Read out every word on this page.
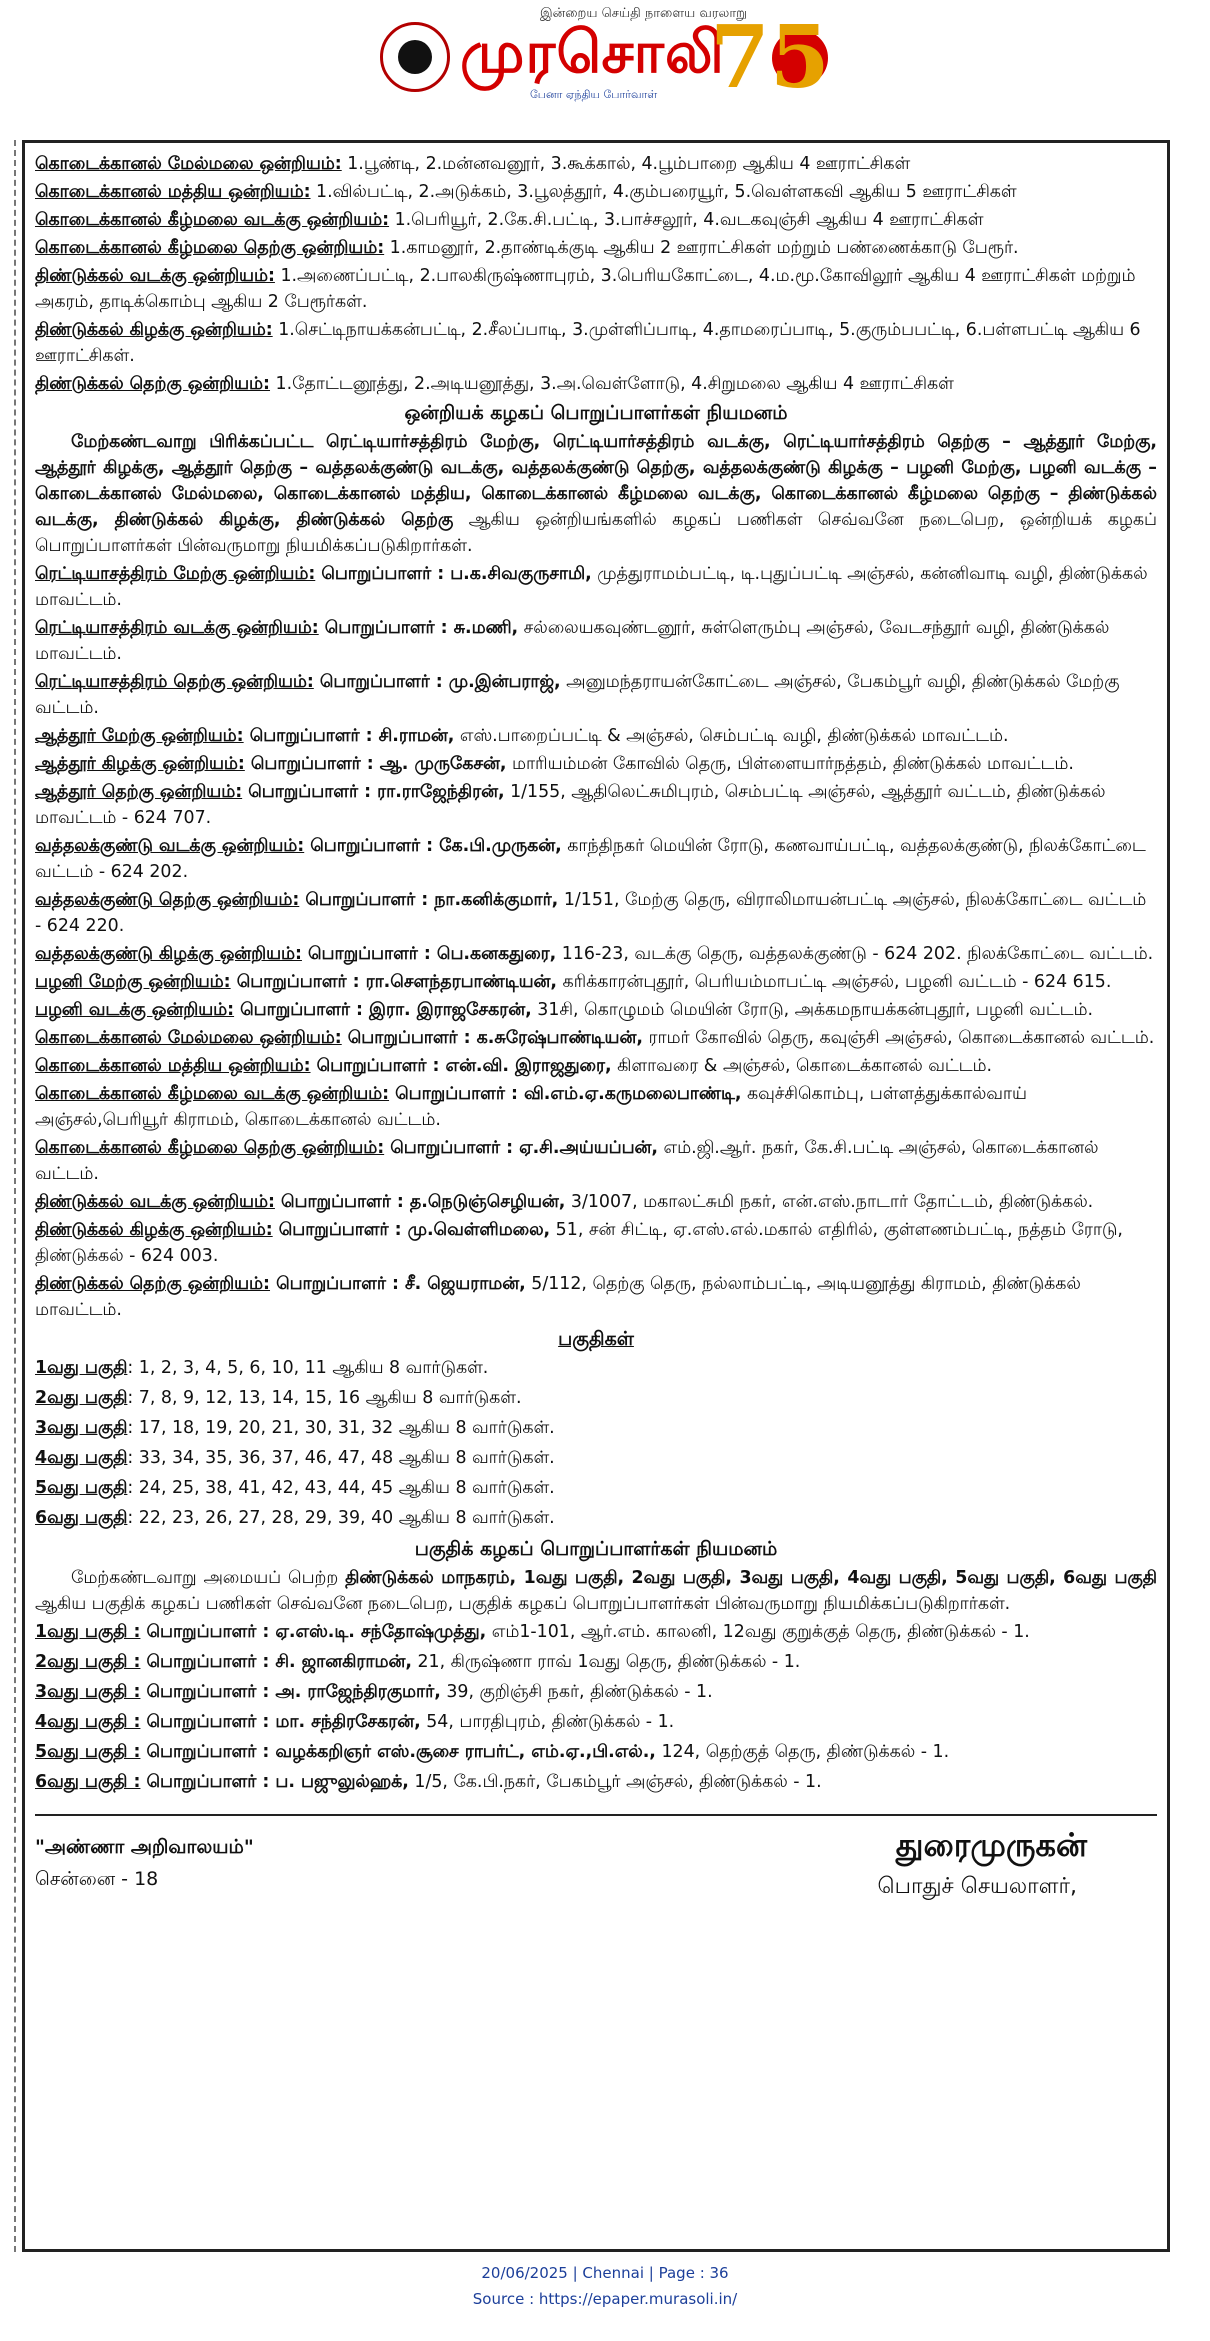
இன்றைய செய்தி நாளைய வரலாறு
முரசொலி
75
பேனா ஏந்திய போர்வாள்

கொடைக்கானல் மேல்மலை ஒன்றியம்: 1.பூண்டி, 2.மன்னவனூர், 3.கூக்கால், 4.பூம்பாறை ஆகிய 4 ஊராட்சிகள்

கொடைக்கானல் மத்திய ஒன்றியம்: 1.வில்பட்டி, 2.அடுக்கம், 3.பூலத்தூர், 4.கும்பரையூர், 5.வெள்ளகவி ஆகிய 5 ஊராட்சிகள்

கொடைக்கானல் கீழ்மலை வடக்கு ஒன்றியம்: 1.பெரியூர், 2.கே.சி.பட்டி, 3.பாச்சலூர், 4.வடகவுஞ்சி ஆகிய 4 ஊராட்சிகள்

கொடைக்கானல் கீழ்மலை தெற்கு ஒன்றியம்: 1.காமனூர், 2.தாண்டிக்குடி ஆகிய 2 ஊராட்சிகள் மற்றும் பண்ணைக்காடு பேரூர்.

திண்டுக்கல் வடக்கு ஒன்றியம்: 1.அணைப்பட்டி, 2.பாலகிருஷ்ணாபுரம், 3.பெரியகோட்டை, 4.ம.மூ.கோவிலூர் ஆகிய 4 ஊராட்சிகள் மற்றும் அகரம், தாடிக்கொம்பு ஆகிய 2 பேரூர்கள்.

திண்டுக்கல் கிழக்கு ஒன்றியம்: 1.செட்டிநாயக்கன்பட்டி, 2.சீலப்பாடி, 3.முள்ளிப்பாடி, 4.தாமரைப்பாடி, 5.குரும்பபட்டி, 6.பள்ளபட்டி ஆகிய 6 ஊராட்சிகள்.

திண்டுக்கல் தெற்கு ஒன்றியம்: 1.தோட்டனூத்து, 2.அடியனூத்து, 3.அ.வெள்ளோடு, 4.சிறுமலை ஆகிய 4 ஊராட்சிகள்

ஒன்றியக் கழகப் பொறுப்பாளர்கள் நியமனம்

மேற்கண்டவாறு பிரிக்கப்பட்ட ரெட்டியார்சத்திரம் மேற்கு, ரெட்டியார்சத்திரம் வடக்கு, ரெட்டியார்சத்திரம் தெற்கு – ஆத்தூர் மேற்கு, ஆத்தூர் கிழக்கு, ஆத்தூர் தெற்கு – வத்தலக்குண்டு வடக்கு, வத்தலக்குண்டு தெற்கு, வத்தலக்குண்டு கிழக்கு – பழனி மேற்கு, பழனி வடக்கு – கொடைக்கானல் மேல்மலை, கொடைக்கானல் மத்திய, கொடைக்கானல் கீழ்மலை வடக்கு, கொடைக்கானல் கீழ்மலை தெற்கு – திண்டுக்கல் வடக்கு, திண்டுக்கல் கிழக்கு, திண்டுக்கல் தெற்கு ஆகிய ஒன்றியங்களில் கழகப் பணிகள் செவ்வனே நடைபெற, ஒன்றியக் கழகப் பொறுப்பாளர்கள் பின்வருமாறு நியமிக்கப்படுகிறார்கள்.

ரெட்டியாசத்திரம் மேற்கு ஒன்றியம்: பொறுப்பாளர் : ப.க.சிவகுருசாமி, முத்துராமம்பட்டி, டி.புதுப்பட்டி அஞ்சல், கன்னிவாடி வழி, திண்டுக்கல் மாவட்டம்.

ரெட்டியாசத்திரம் வடக்கு ஒன்றியம்: பொறுப்பாளர் : சு.மணி, சல்லையகவுண்டனூர், சுள்ளெரும்பு அஞ்சல், வேடசந்தூர் வழி, திண்டுக்கல் மாவட்டம்.

ரெட்டியாசத்திரம் தெற்கு ஒன்றியம்: பொறுப்பாளர் : மு.இன்பராஜ், அனுமந்தராயன்கோட்டை அஞ்சல், பேகம்பூர் வழி, திண்டுக்கல் மேற்கு வட்டம்.

ஆத்தூர் மேற்கு ஒன்றியம்: பொறுப்பாளர் : சி.ராமன், எஸ்.பாறைப்பட்டி & அஞ்சல், செம்பட்டி வழி, திண்டுக்கல் மாவட்டம்.

ஆத்தூர் கிழக்கு ஒன்றியம்: பொறுப்பாளர் : ஆ. முருகேசன், மாரியம்மன் கோவில் தெரு, பிள்ளையார்நத்தம், திண்டுக்கல் மாவட்டம்.

ஆத்தூர் தெற்கு ஒன்றியம்: பொறுப்பாளர் : ரா.ராஜேந்திரன், 1/155, ஆதிலெட்சுமிபுரம், செம்பட்டி அஞ்சல், ஆத்தூர் வட்டம், திண்டுக்கல் மாவட்டம் - 624 707.

வத்தலக்குண்டு வடக்கு ஒன்றியம்: பொறுப்பாளர் : கே.பி.முருகன், காந்திநகர் மெயின் ரோடு, கணவாய்பட்டி, வத்தலக்குண்டு, நிலக்கோட்டை வட்டம் - 624 202.

வத்தலக்குண்டு தெற்கு ஒன்றியம்: பொறுப்பாளர் : நா.கனிக்குமார், 1/151, மேற்கு தெரு, விராலிமாயன்பட்டி அஞ்சல், நிலக்கோட்டை வட்டம் - 624 220.

வத்தலக்குண்டு கிழக்கு ஒன்றியம்: பொறுப்பாளர் : பெ.கனகதுரை, 116-23, வடக்கு தெரு, வத்தலக்குண்டு - 624 202. நிலக்கோட்டை வட்டம்.

பழனி மேற்கு ஒன்றியம்: பொறுப்பாளர் : ரா.சௌந்தரபாண்டியன், கரிக்காரன்புதூர், பெரியம்மாபட்டி அஞ்சல், பழனி வட்டம் - 624 615.

பழனி வடக்கு ஒன்றியம்: பொறுப்பாளர் : இரா. இராஜசேகரன், 31சி, கொழுமம் மெயின் ரோடு, அக்கமநாயக்கன்புதூர், பழனி வட்டம்.

கொடைக்கானல் மேல்மலை ஒன்றியம்: பொறுப்பாளர் : க.சுரேஷ்பாண்டியன், ராமர் கோவில் தெரு, கவுஞ்சி அஞ்சல், கொடைக்கானல் வட்டம்.

கொடைக்கானல் மத்திய ஒன்றியம்: பொறுப்பாளர் : என்.வி. இராஜதுரை, கிளாவரை & அஞ்சல், கொடைக்கானல் வட்டம்.

கொடைக்கானல் கீழ்மலை வடக்கு ஒன்றியம்: பொறுப்பாளர் : வி.எம்.ஏ.கருமலைபாண்டி, கவுச்சிகொம்பு, பள்ளத்துக்கால்வாய் அஞ்சல்,பெரியூர் கிராமம், கொடைக்கானல் வட்டம்.

கொடைக்கானல் கீழ்மலை தெற்கு ஒன்றியம்: பொறுப்பாளர் : ஏ.சி.அய்யப்பன், எம்.ஜி.ஆர். நகர், கே.சி.பட்டி அஞ்சல், கொடைக்கானல் வட்டம்.

திண்டுக்கல் வடக்கு ஒன்றியம்: பொறுப்பாளர் : த.நெடுஞ்செழியன், 3/1007, மகாலட்சுமி நகர், என்.எஸ்.நாடார் தோட்டம், திண்டுக்கல்.

திண்டுக்கல் கிழக்கு ஒன்றியம்: பொறுப்பாளர் : மு.வெள்ளிமலை, 51, சன் சிட்டி, ஏ.எஸ்.எல்.மகால் எதிரில், குள்ளணம்பட்டி, நத்தம் ரோடு, திண்டுக்கல் - 624 003.

திண்டுக்கல் தெற்கு ஒன்றியம்: பொறுப்பாளர் : சீ. ஜெயராமன், 5/112, தெற்கு தெரு, நல்லாம்பட்டி, அடியனூத்து கிராமம், திண்டுக்கல் மாவட்டம்.

பகுதிகள்

1வது பகுதி: 1, 2, 3, 4, 5, 6, 10, 11 ஆகிய 8 வார்டுகள்.

2வது பகுதி: 7, 8, 9, 12, 13, 14, 15, 16 ஆகிய 8 வார்டுகள்.

3வது பகுதி: 17, 18, 19, 20, 21, 30, 31, 32 ஆகிய 8 வார்டுகள்.

4வது பகுதி: 33, 34, 35, 36, 37, 46, 47, 48 ஆகிய 8 வார்டுகள்.

5வது பகுதி: 24, 25, 38, 41, 42, 43, 44, 45 ஆகிய 8 வார்டுகள்.

6வது பகுதி: 22, 23, 26, 27, 28, 29, 39, 40 ஆகிய 8 வார்டுகள்.

பகுதிக் கழகப் பொறுப்பாளர்கள் நியமனம்

மேற்கண்டவாறு அமையப் பெற்ற திண்டுக்கல் மாநகரம், 1வது பகுதி, 2வது பகுதி, 3வது பகுதி, 4வது பகுதி, 5வது பகுதி, 6வது பகுதி ஆகிய பகுதிக் கழகப் பணிகள் செவ்வனே நடைபெற, பகுதிக் கழகப் பொறுப்பாளர்கள் பின்வருமாறு நியமிக்கப்படுகிறார்கள்.

1வது பகுதி : பொறுப்பாளர் : ஏ.எஸ்.டி. சந்தோஷ்முத்து, எம்1-101, ஆர்.எம். காலனி, 12வது குறுக்குத் தெரு, திண்டுக்கல் - 1.

2வது பகுதி : பொறுப்பாளர் : சி. ஜானகிராமன், 21, கிருஷ்ணா ராவ் 1வது தெரு, திண்டுக்கல் - 1.

3வது பகுதி : பொறுப்பாளர் : அ. ராஜேந்திரகுமார், 39, குறிஞ்சி நகர், திண்டுக்கல் - 1.

4வது பகுதி : பொறுப்பாளர் : மா. சந்திரசேகரன், 54, பாரதிபுரம், திண்டுக்கல் - 1.

5வது பகுதி : பொறுப்பாளர் : வழக்கறிஞர் எஸ்.சூசை ராபர்ட், எம்.ஏ.,பி.எல்., 124, தெற்குத் தெரு, திண்டுக்கல் - 1.

6வது பகுதி : பொறுப்பாளர் : ப. பஜுலுல்ஹக், 1/5, கே.பி.நகர், பேகம்பூர் அஞ்சல், திண்டுக்கல் - 1.

"அண்ணா அறிவாலயம்"
சென்னை - 18
துரைமுருகன்
பொதுச் செயலாளர்,
20/06/2025 | Chennai | Page : 36
Source : https://epaper.murasoli.in/
